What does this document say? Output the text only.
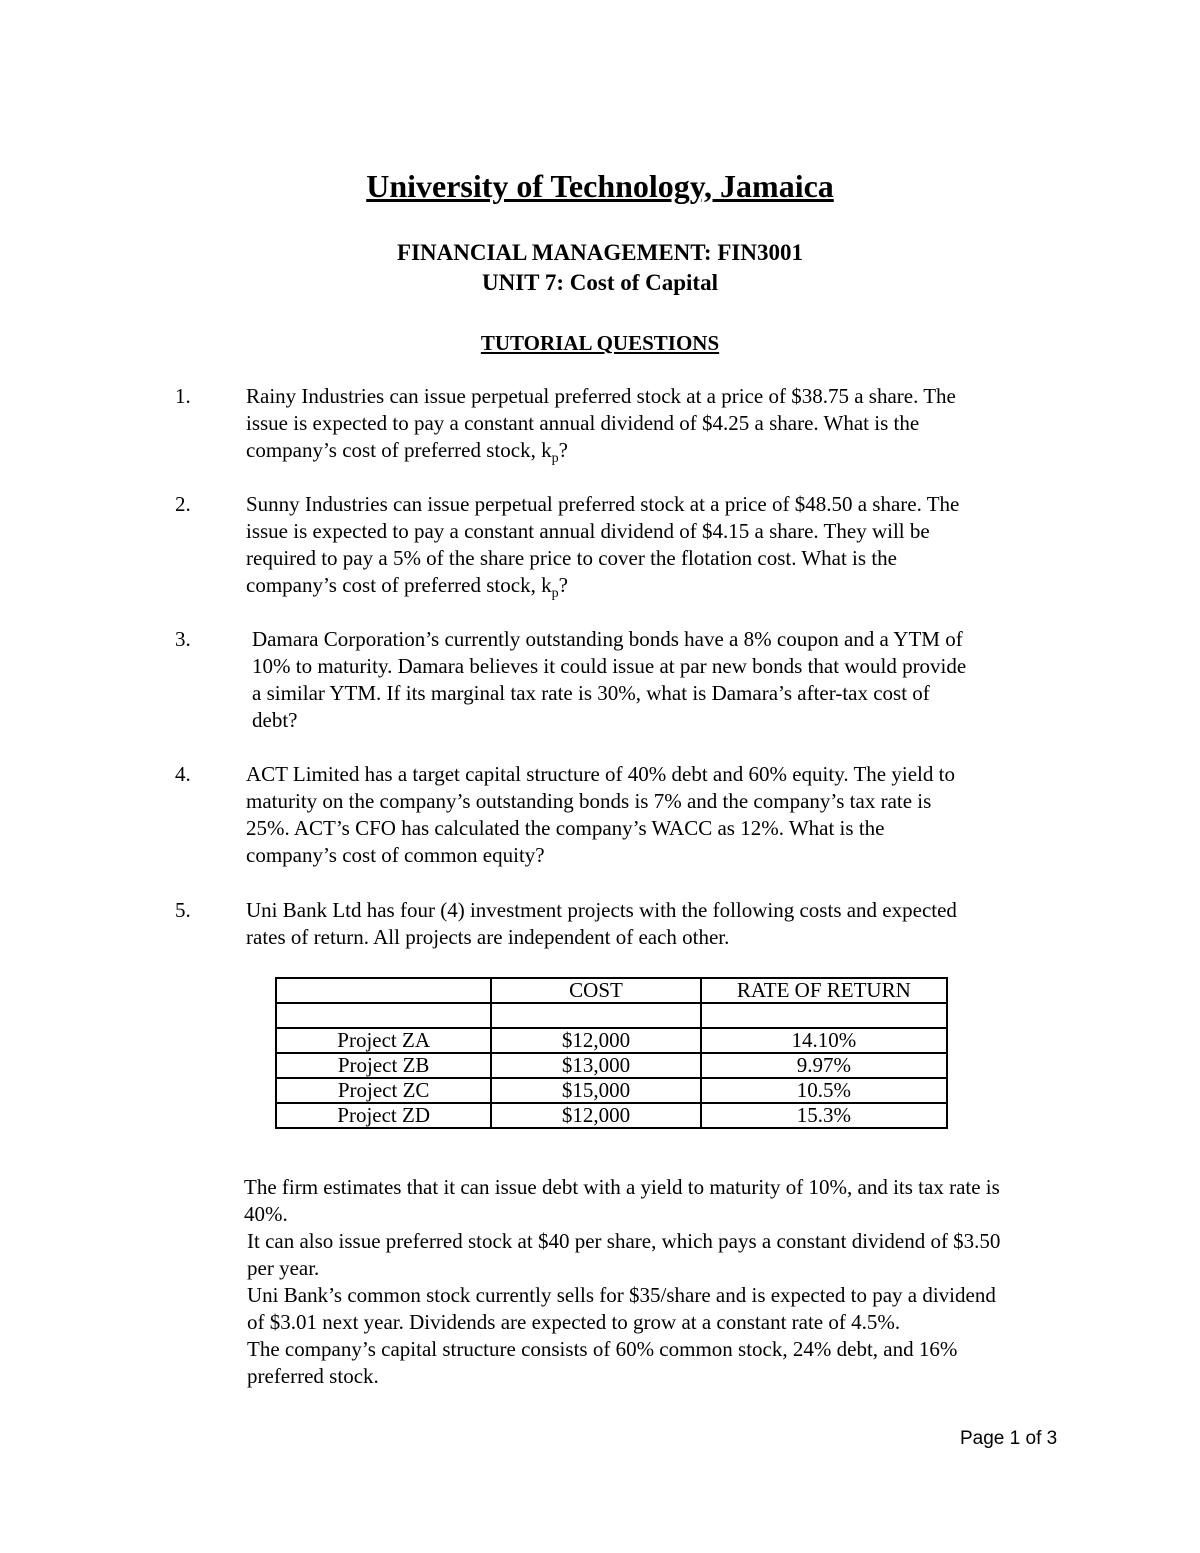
University of Technology, Jamaica
FINANCIAL MANAGEMENT: FIN3001
UNIT 7: Cost of Capital
TUTORIAL QUESTIONS
1.	Rainy Industries can issue perpetual preferred stock at a price of $38.75 a share. The
issue is expected to pay a constant annual dividend of $4.25 a share. What is the
company’s cost of preferred stock, $k_p$?
2.	Sunny Industries can issue perpetual preferred stock at a price of $48.50 a share. The
issue is expected to pay a constant annual dividend of $4.15 a share. They will be
required to pay a 5% of the share price to cover the flotation cost. What is the
company’s cost of preferred stock, $k_p$?
3.	Damara Corporation’s currently outstanding bonds have a 8% coupon and a YTM of
10% to maturity. Damara believes it could issue at par new bonds that would provide
a similar YTM. If its marginal tax rate is 30%, what is Damara’s after-tax cost of
debt?
4.	ACT Limited has a target capital structure of 40% debt and 60% equity. The yield to
maturity on the company’s outstanding bonds is 7% and the company’s tax rate is
25%. ACT’s CFO has calculated the company’s WACC as 12%. What is the
company’s cost of common equity?
5.	Uni Bank Ltd has four (4) investment projects with the following costs and expected
rates of return. All projects are independent of each other.
	COST	RATE OF RETURN

Project ZA	$12,000	14.10%
Project ZB	$13,000	9.97%
Project ZC	$15,000	10.5%
Project ZD	$12,000	15.3%
The firm estimates that it can issue debt with a yield to maturity of 10%, and its tax rate is
40%.
It can also issue preferred stock at $40 per share, which pays a constant dividend of $3.50
per year.
Uni Bank’s common stock currently sells for $35/share and is expected to pay a dividend
of $3.01 next year. Dividends are expected to grow at a constant rate of 4.5%.
The company’s capital structure consists of 60% common stock, 24% debt, and 16%
preferred stock.
Page 1 of 3
